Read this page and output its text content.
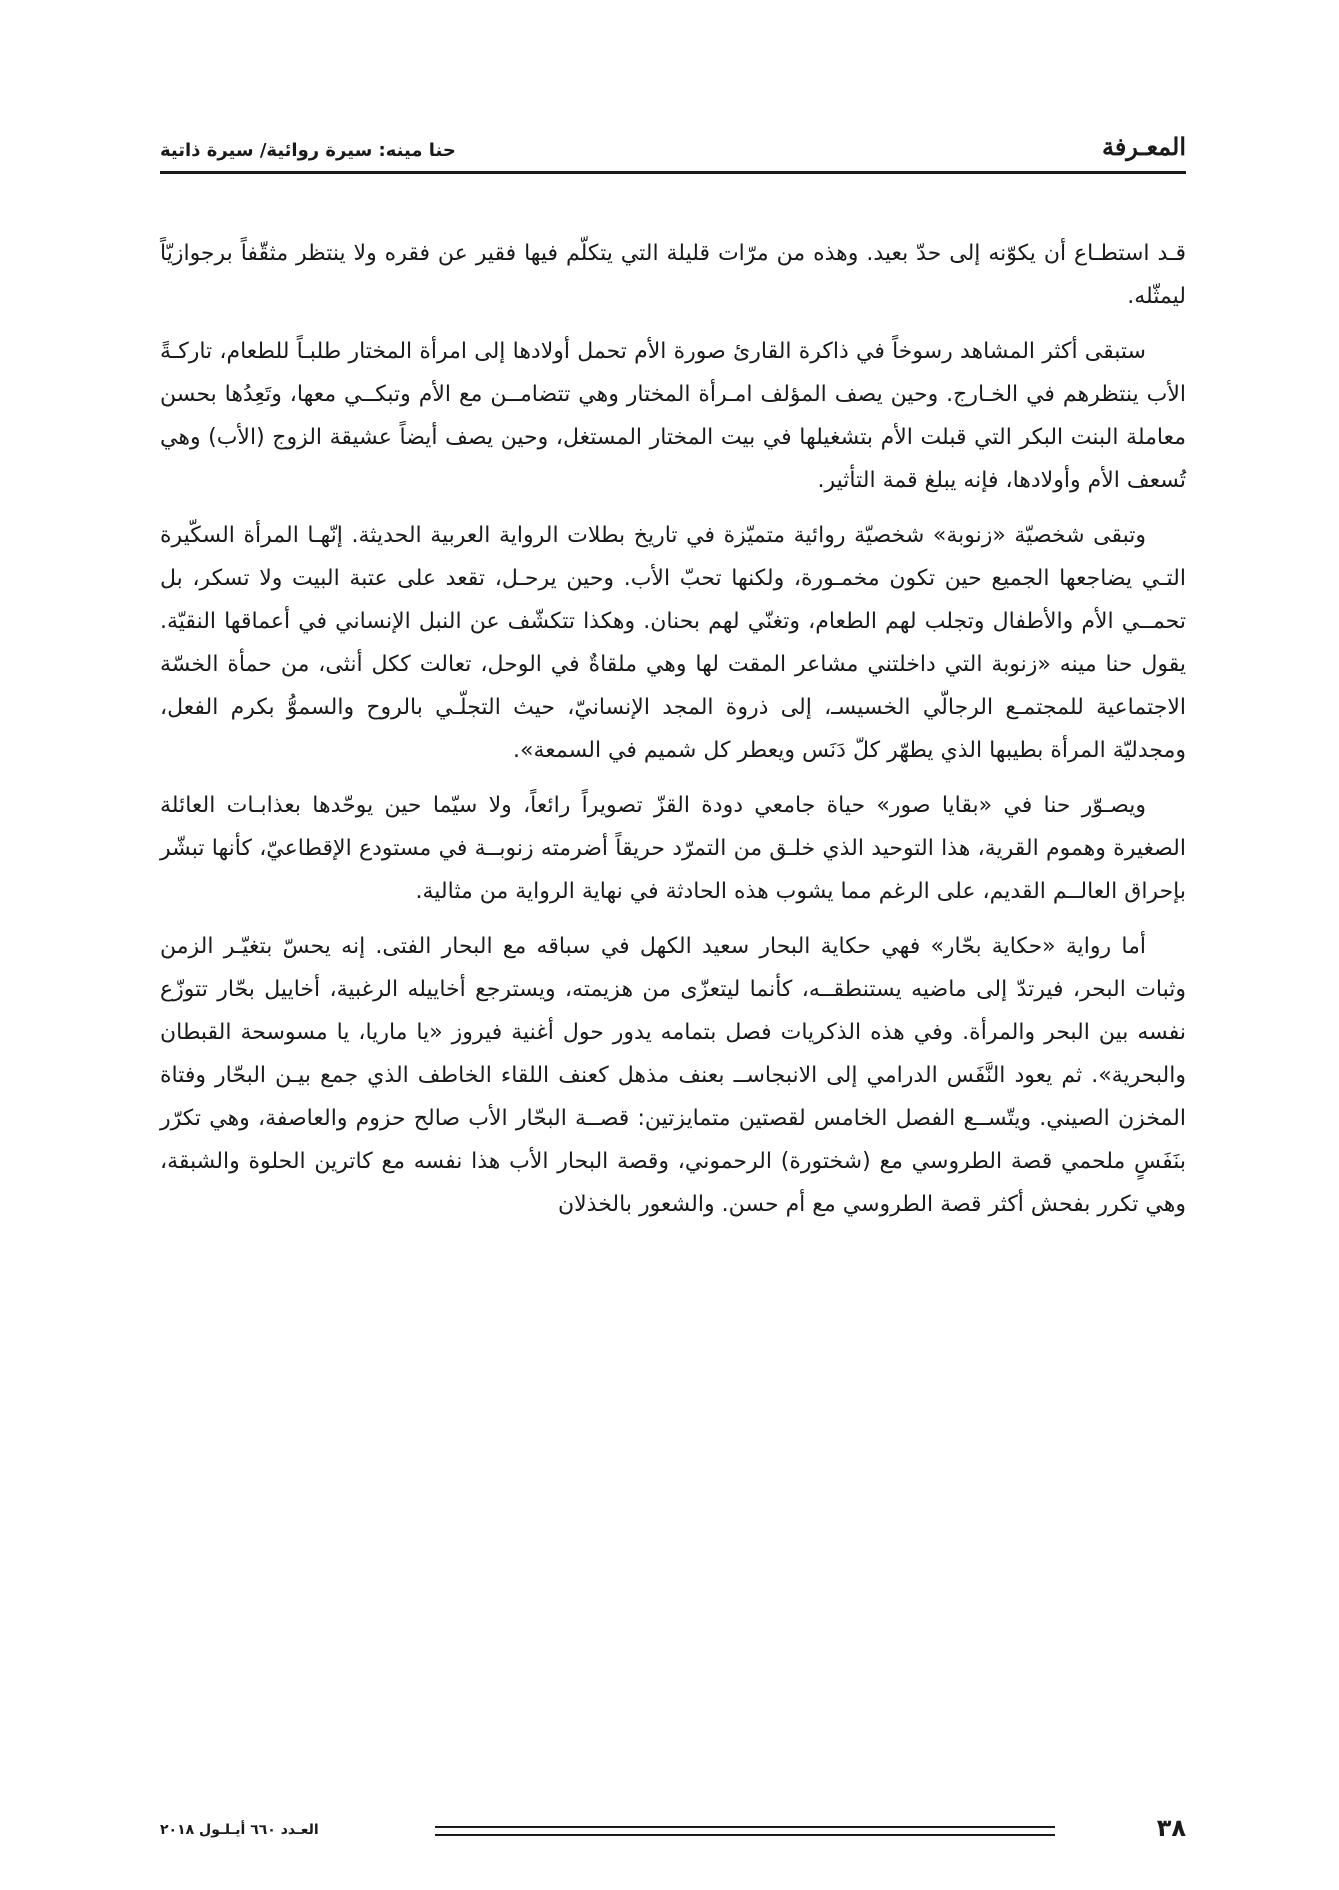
حنا مينه: سيرة روائية/ سيرة ذاتية	المعـرفة

قـد استطـاع أن يكوّنه إلى حدّ بعيد. وهذه من مرّات قليلة التي يتكلّم فيها فقير عن فقره ولا ينتظر مثقّفاً برجوازيّاً ليمثّله.

ستبقى أكثر المشاهد رسوخاً في ذاكرة القارئ صورة الأم تحمل أولادها إلى امرأة المختار طلبـاً للطعام، تاركـةً الأب ينتظرهم في الخـارج. وحين يصف المؤلف امـرأة المختار وهي تتضامــن مع الأم وتبكــي معها، وتَعِدُها بحسن معاملة البنت البكر التي قبلت الأم بتشغيلها في بيت المختار المستغل، وحين يصف أيضاً عشيقة الزوج (الأب) وهي تُسعف الأم وأولادها، فإنه يبلغ قمة التأثير.

وتبقى شخصيّة «زنوبة» شخصيّة روائية متميّزة في تاريخ بطلات الرواية العربية الحديثة. إنّهـا المرأة السكّيرة التـي يضاجعها الجميع حين تكون مخمـورة، ولكنها تحبّ الأب. وحين يرحـل، تقعد على عتبة البيت ولا تسكر، بل تحمــي الأم والأطفال وتجلب لهم الطعام، وتغنّي لهم بحنان. وهكذا تتكشّف عن النبل الإنساني في أعماقها النقيّة. يقول حنا مينه «زنوبة التي داخلتني مشاعر المقت لها وهي ملقاةٌ في الوحل، تعالت ككل أنثى، من حمأة الخسّة الاجتماعية للمجتمـع الرجالّي الخسيسـ، إلى ذروة المجد الإنسانيّ، حيث التجلّـي بالروح والسموُّ بكرم الفعل، ومجدليّة المرأة بطيبها الذي يطهّر كلّ دَنَس ويعطر كل شميم في السمعة».

ويصـوّر حنا في «بقايا صور» حياة جامعي دودة القزّ تصويراً رائعاً، ولا سيّما حين يوحّدها بعذابـات العائلة الصغيرة وهموم القرية، هذا التوحيد الذي خلـق من التمرّد حريقاً أضرمته زنوبــة في مستودع الإقطاعيّ، كأنها تبشّر بإحراق العالــم القديم، على الرغم مما يشوب هذه الحادثة في نهاية الرواية من مثالية.

أما رواية «حكاية بحّار» فهي حكاية البحار سعيد الكهل في سباقه مع البحار الفتى. إنه يحسّ بتغيّـر الزمن وثبات البحر، فيرتدّ إلى ماضيه يستنطقــه، كأنما ليتعزّى من هزيمته، ويسترجع أخاييله الرغبية، أخاييل بحّار تتوزّع نفسه بين البحر والمرأة. وفي هذه الذكريات فصل بتمامه يدور حول أغنية فيروز «يا ماريا، يا مسوسحة القبطان والبحرية». ثم يعود النَّفَس الدرامي إلى الانبجاســ بعنف مذهل كعنف اللقاء الخاطف الذي جمع بيـن البحّار وفتاة المخزن الصيني. ويتّســع الفصل الخامس لقصتين متمايزتين: قصــة البحّار الأب صالح حزوم والعاصفة، وهي تكرّر بنَفَسٍ ملحمي قصة الطروسي مع (شختورة) الرحموني، وقصة البحار الأب هذا نفسه مع كاترين الحلوة والشبقة، وهي تكرر بفحش أكثر قصة الطروسي مع أم حسن. والشعور بالخذلان

العـدد ٦٦٠ أيـلـول ٢٠١٨	٣٨
